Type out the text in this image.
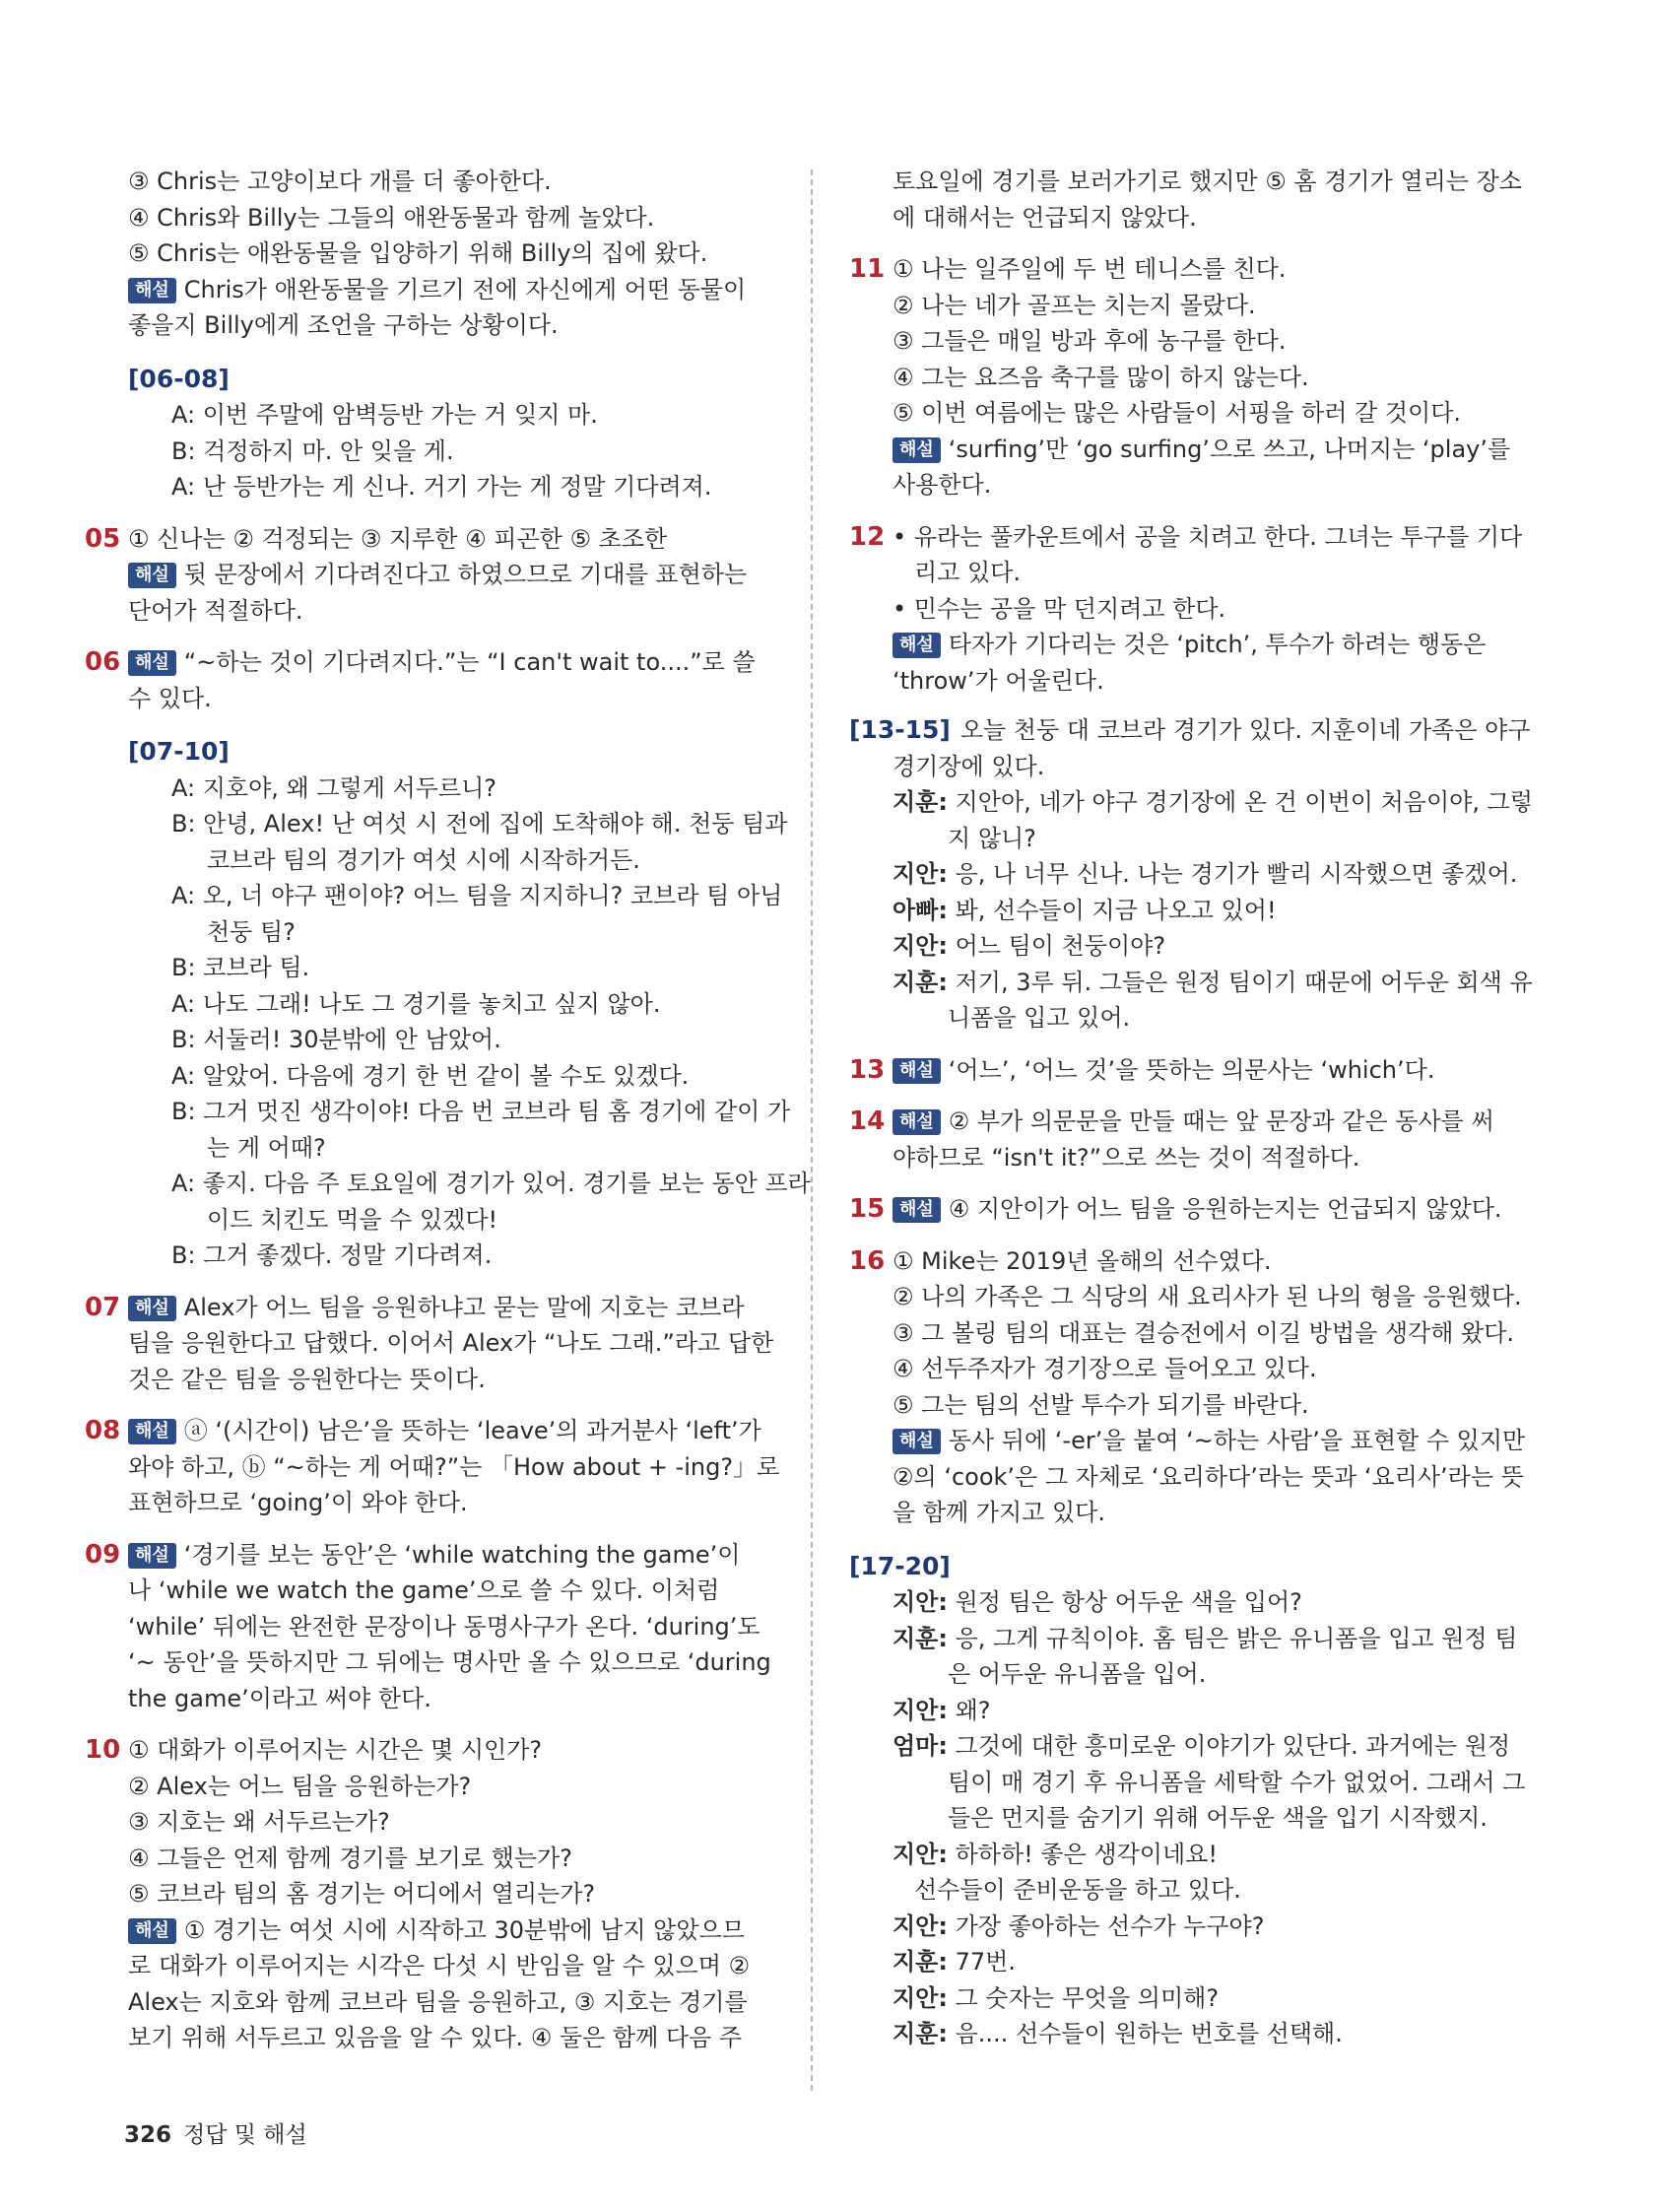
③ Chris는 고양이보다 개를 더 좋아한다.
④ Chris와 Billy는 그들의 애완동물과 함께 놀았다.
⑤ Chris는 애완동물을 입양하기 위해 Billy의 집에 왔다.
해설 Chris가 애완동물을 기르기 전에 자신에게 어떤 동물이
좋을지 Billy에게 조언을 구하는 상황이다.
[06-08]
A: 이번 주말에 암벽등반 가는 거 잊지 마.
B: 걱정하지 마. 안 잊을 게.
A: 난 등반가는 게 신나. 거기 가는 게 정말 기다려져.
05 ① 신나는 ② 걱정되는 ③ 지루한 ④ 피곤한 ⑤ 초조한
해설 뒷 문장에서 기다려진다고 하였으므로 기대를 표현하는
단어가 적절하다.
06 해설 “~하는 것이 기다려지다.”는 “I can't wait to....”로 쓸
수 있다.
[07-10]
A: 지호야, 왜 그렇게 서두르니?
B: 안녕, Alex! 난 여섯 시 전에 집에 도착해야 해. 천둥 팀과
코브라 팀의 경기가 여섯 시에 시작하거든.
A: 오, 너 야구 팬이야? 어느 팀을 지지하니? 코브라 팀 아님
천둥 팀?
B: 코브라 팀.
A: 나도 그래! 나도 그 경기를 놓치고 싶지 않아.
B: 서둘러! 30분밖에 안 남았어.
A: 알았어. 다음에 경기 한 번 같이 볼 수도 있겠다.
B: 그거 멋진 생각이야! 다음 번 코브라 팀 홈 경기에 같이 가
는 게 어때?
A: 좋지. 다음 주 토요일에 경기가 있어. 경기를 보는 동안 프라
이드 치킨도 먹을 수 있겠다!
B: 그거 좋겠다. 정말 기다려져.
07 해설 Alex가 어느 팀을 응원하냐고 묻는 말에 지호는 코브라
팀을 응원한다고 답했다. 이어서 Alex가 “나도 그래.”라고 답한
것은 같은 팀을 응원한다는 뜻이다.
08 해설 ⓐ ‘(시간이) 남은’을 뜻하는 ‘leave’의 과거분사 ‘left’가
와야 하고, ⓑ “~하는 게 어때?”는 「How about + -ing?」로
표현하므로 ‘going’이 와야 한다.
09 해설 ‘경기를 보는 동안’은 ‘while watching the game’이
나 ‘while we watch the game’으로 쓸 수 있다. 이처럼
‘while’ 뒤에는 완전한 문장이나 동명사구가 온다. ‘during’도
‘~ 동안’을 뜻하지만 그 뒤에는 명사만 올 수 있으므로 ‘during
the game’이라고 써야 한다.
10 ① 대화가 이루어지는 시간은 몇 시인가?
② Alex는 어느 팀을 응원하는가?
③ 지호는 왜 서두르는가?
④ 그들은 언제 함께 경기를 보기로 했는가?
⑤ 코브라 팀의 홈 경기는 어디에서 열리는가?
해설 ① 경기는 여섯 시에 시작하고 30분밖에 남지 않았으므
로 대화가 이루어지는 시각은 다섯 시 반임을 알 수 있으며 ②
Alex는 지호와 함께 코브라 팀을 응원하고, ③ 지호는 경기를
보기 위해 서두르고 있음을 알 수 있다. ④ 둘은 함께 다음 주
토요일에 경기를 보러가기로 했지만 ⑤ 홈 경기가 열리는 장소
에 대해서는 언급되지 않았다.
11 ① 나는 일주일에 두 번 테니스를 친다.
② 나는 네가 골프는 치는지 몰랐다.
③ 그들은 매일 방과 후에 농구를 한다.
④ 그는 요즈음 축구를 많이 하지 않는다.
⑤ 이번 여름에는 많은 사람들이 서핑을 하러 갈 것이다.
해설 ‘surfing’만 ‘go surfing’으로 쓰고, 나머지는 ‘play’를
사용한다.
12 • 유라는 풀카운트에서 공을 치려고 한다. 그녀는 투구를 기다
리고 있다.
• 민수는 공을 막 던지려고 한다.
해설 타자가 기다리는 것은 ‘pitch’, 투수가 하려는 행동은
‘throw’가 어울린다.
[13-15] 오늘 천둥 대 코브라 경기가 있다. 지훈이네 가족은 야구
경기장에 있다.
지훈: 지안아, 네가 야구 경기장에 온 건 이번이 처음이야, 그렇
지 않니?
지안: 응, 나 너무 신나. 나는 경기가 빨리 시작했으면 좋겠어.
아빠: 봐, 선수들이 지금 나오고 있어!
지안: 어느 팀이 천둥이야?
지훈: 저기, 3루 뒤. 그들은 원정 팀이기 때문에 어두운 회색 유
니폼을 입고 있어.
13 해설 ‘어느’, ‘어느 것’을 뜻하는 의문사는 ‘which’다.
14 해설 ② 부가 의문문을 만들 때는 앞 문장과 같은 동사를 써
야하므로 “isn't it?”으로 쓰는 것이 적절하다.
15 해설 ④ 지안이가 어느 팀을 응원하는지는 언급되지 않았다.
16 ① Mike는 2019년 올해의 선수였다.
② 나의 가족은 그 식당의 새 요리사가 된 나의 형을 응원했다.
③ 그 볼링 팀의 대표는 결승전에서 이길 방법을 생각해 왔다.
④ 선두주자가 경기장으로 들어오고 있다.
⑤ 그는 팀의 선발 투수가 되기를 바란다.
해설 동사 뒤에 ‘-er’을 붙여 ‘~하는 사람’을 표현할 수 있지만
②의 ‘cook’은 그 자체로 ‘요리하다’라는 뜻과 ‘요리사’라는 뜻
을 함께 가지고 있다.
[17-20]
지안: 원정 팀은 항상 어두운 색을 입어?
지훈: 응, 그게 규칙이야. 홈 팀은 밝은 유니폼을 입고 원정 팀
은 어두운 유니폼을 입어.
지안: 왜?
엄마: 그것에 대한 흥미로운 이야기가 있단다. 과거에는 원정
팀이 매 경기 후 유니폼을 세탁할 수가 없었어. 그래서 그
들은 먼지를 숨기기 위해 어두운 색을 입기 시작했지.
지안: 하하하! 좋은 생각이네요!
선수들이 준비운동을 하고 있다.
지안: 가장 좋아하는 선수가 누구야?
지훈: 77번.
지안: 그 숫자는 무엇을 의미해?
지훈: 음.... 선수들이 원하는 번호를 선택해.
326 정답 및 해설
